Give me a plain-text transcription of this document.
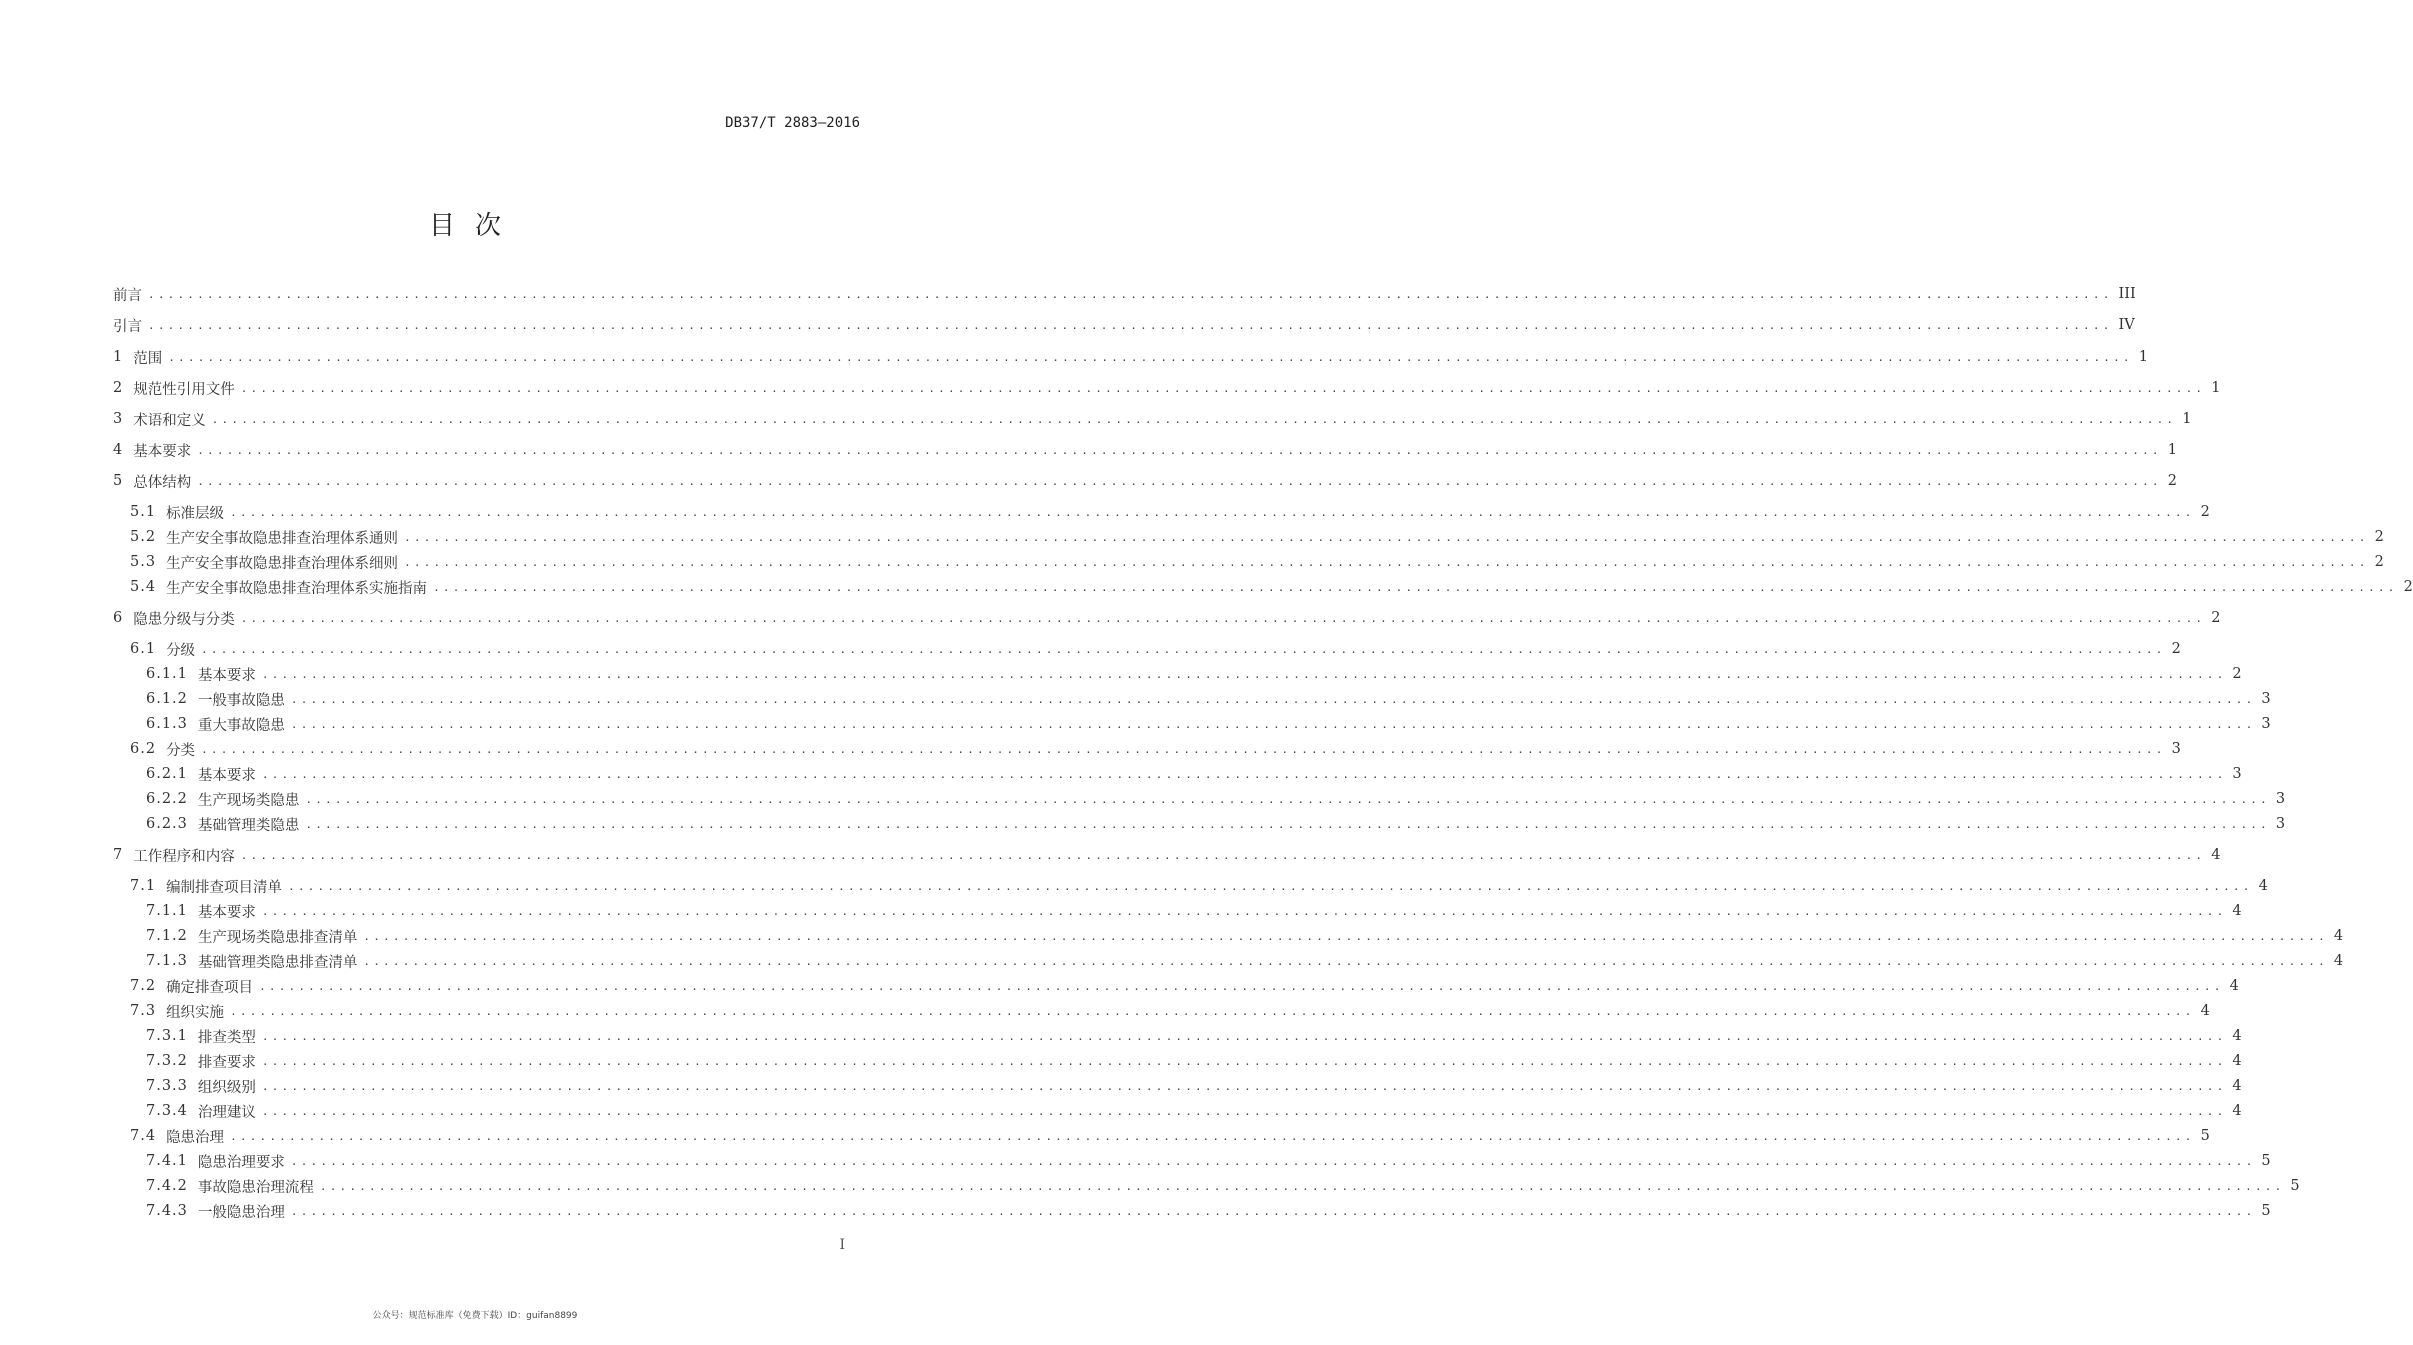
DB37/T 2883—2016
目次
前言 ........................................................................................................................................................................................................ III
引言 ........................................................................................................................................................................................................ IV
1 范围 ........................................................................................................................................................................................................ 1
2 规范性引用文件 ........................................................................................................................................................................................................ 1
3 术语和定义 ........................................................................................................................................................................................................ 1
4 基本要求 ........................................................................................................................................................................................................ 1
5 总体结构 ........................................................................................................................................................................................................ 2
5.1 标准层级 ........................................................................................................................................................................................................ 2
5.2 生产安全事故隐患排查治理体系通则 ........................................................................................................................................................................................................ 2
5.3 生产安全事故隐患排查治理体系细则 ........................................................................................................................................................................................................ 2
5.4 生产安全事故隐患排查治理体系实施指南 ........................................................................................................................................................................................................ 2
6 隐患分级与分类 ........................................................................................................................................................................................................ 2
6.1 分级 ........................................................................................................................................................................................................ 2
6.1.1 基本要求 ........................................................................................................................................................................................................ 2
6.1.2 一般事故隐患 ........................................................................................................................................................................................................ 3
6.1.3 重大事故隐患 ........................................................................................................................................................................................................ 3
6.2 分类 ........................................................................................................................................................................................................ 3
6.2.1 基本要求 ........................................................................................................................................................................................................ 3
6.2.2 生产现场类隐患 ........................................................................................................................................................................................................ 3
6.2.3 基础管理类隐患 ........................................................................................................................................................................................................ 3
7 工作程序和内容 ........................................................................................................................................................................................................ 4
7.1 编制排查项目清单 ........................................................................................................................................................................................................ 4
7.1.1 基本要求 ........................................................................................................................................................................................................ 4
7.1.2 生产现场类隐患排查清单 ........................................................................................................................................................................................................ 4
7.1.3 基础管理类隐患排查清单 ........................................................................................................................................................................................................ 4
7.2 确定排查项目 ........................................................................................................................................................................................................ 4
7.3 组织实施 ........................................................................................................................................................................................................ 4
7.3.1 排查类型 ........................................................................................................................................................................................................ 4
7.3.2 排查要求 ........................................................................................................................................................................................................ 4
7.3.3 组织级别 ........................................................................................................................................................................................................ 4
7.3.4 治理建议 ........................................................................................................................................................................................................ 4
7.4 隐患治理 ........................................................................................................................................................................................................ 5
7.4.1 隐患治理要求 ........................................................................................................................................................................................................ 5
7.4.2 事故隐患治理流程 ........................................................................................................................................................................................................ 5
7.4.3 一般隐患治理 ........................................................................................................................................................................................................ 5
I
公众号：规范标准库（免费下载）ID：guifan8899
